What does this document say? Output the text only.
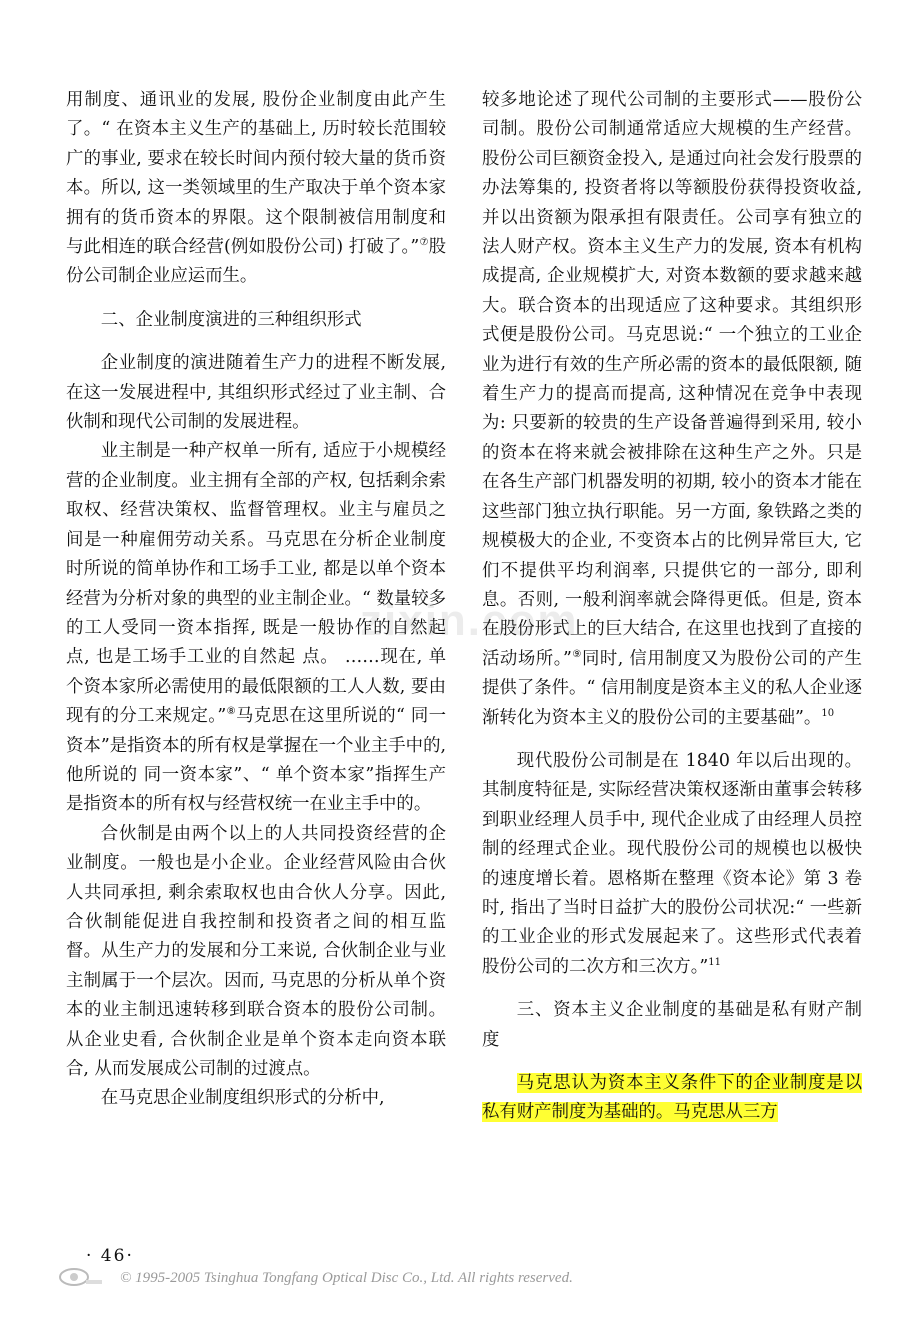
zixin.com

用制度、通讯业的发展, 股份企业制度由此产生了。“ 在资本主义生产的基础上, 历时较长范围较广的事业, 要求在较长时间内预付较大量的货币资本。所以, 这一类领域里的生产取决于单个资本家拥有的货币资本的界限。这个限制被信用制度和与此相连的联合经营(例如股份公司) 打破了。”⑦股份公司制企业应运而生。

二、企业制度演进的三种组织形式

企业制度的演进随着生产力的进程不断发展, 在这一发展进程中, 其组织形式经过了业主制、合伙制和现代公司制的发展进程。

业主制是一种产权单一所有, 适应于小规模经营的企业制度。业主拥有全部的产权, 包括剩余索取权、经营决策权、监督管理权。业主与雇员之 间是一种雇佣劳动关系。马克思在分析企业制度时所说的简单协作和工场手工业, 都是以单个资本经营为分析对象的典型的业主制企业。“ 数量较多的工人受同一资本指挥, 既是一般协作的自然起点, 也是工场手工业的自然起 点。 ……现在, 单个资本家所必需使用的最低限额的工人人数, 要由现有的分工来规定。”⑧马克思在这里所说的“ 同一资本”是指资本的所有权是掌握在一个业主手中的, 他所说的 同一资本家”、“ 单个资本家”指挥生产是指资本的所有权与经营权统一在业主手中的。

合伙制是由两个以上的人共同投资经营的企业制度。一般也是小企业。企业经营风险由合伙人共同承担, 剩余索取权也由合伙人分享。因此, 合伙制能促进自我控制和投资者之间的相互监督。从生产力的发展和分工来说, 合伙制企业与业主制属于一个层次。因而, 马克思的分析从单个资本的业主制迅速转移到联合资本的股份公司制。从企业史看, 合伙制企业是单个资本走向资本联合, 从而发展成公司制的过渡点。

在马克思企业制度组织形式的分析中,

较多地论述了现代公司制的主要形式——股份公司制。股份公司制通常适应大规模的生产经营。股份公司巨额资金投入, 是通过向社会发行股票的办法筹集的, 投资者将以等额股份获得投资收益, 并以出资额为限承担有限责任。公司享有独立的法人财产权。资本主义生产力的发展, 资本有机构成提高, 企业规模扩大, 对资本数额的要求越来越大。联合资本的出现适应了这种要求。其组织形式便是股份公司。马克思说:“ 一个独立的工业企业为进行有效的生产所必需的资本的最低限额, 随着生产力的提高而提高, 这种情况在竞争中表现为: 只要新的较贵的生产设备普遍得到采用, 较小的资本在将来就会被排除在这种生产之外。只是在各生产部门机器发明的初期, 较小的资本才能在这些部门独立执行职能。另一方面, 象铁路之类的规模极大的企业, 不变资本占的比例异常巨大, 它们不提供平均利润率, 只提供它的一部分, 即利息。否则, 一般利润率就会降得更低。但是, 资本在股份形式上的巨大结合, 在这里也找到了直接的活动场所。”⑨同时, 信用制度又为股份公司的产生提供了条件。“ 信用制度是资本主义的私人企业逐渐转化为资本主义的股份公司的主要基础”。$^{10}$

现代股份公司制是在 1840 年以后出现的。其制度特征是, 实际经营决策权逐渐由董事会转移到职业经理人员手中, 现代企业成了由经理人员控制的经理式企业。现代股份公司的规模也以极快的速度增长着。恩格斯在整理《资本论》第 3 卷时, 指出了当时日益扩大的股份公司状况:“ 一些新的工业企业的形式发展起来了。这些形式代表着股份公司的二次方和三次方。”$^{11}$

三、资本主义企业制度的基础是私有财产制度

马克思认为资本主义条件下的企业制度是以私有财产制度为基础的。马克思从三方

· 46·
© 1995-2005 Tsinghua Tongfang Optical Disc Co., Ltd. All rights reserved.
